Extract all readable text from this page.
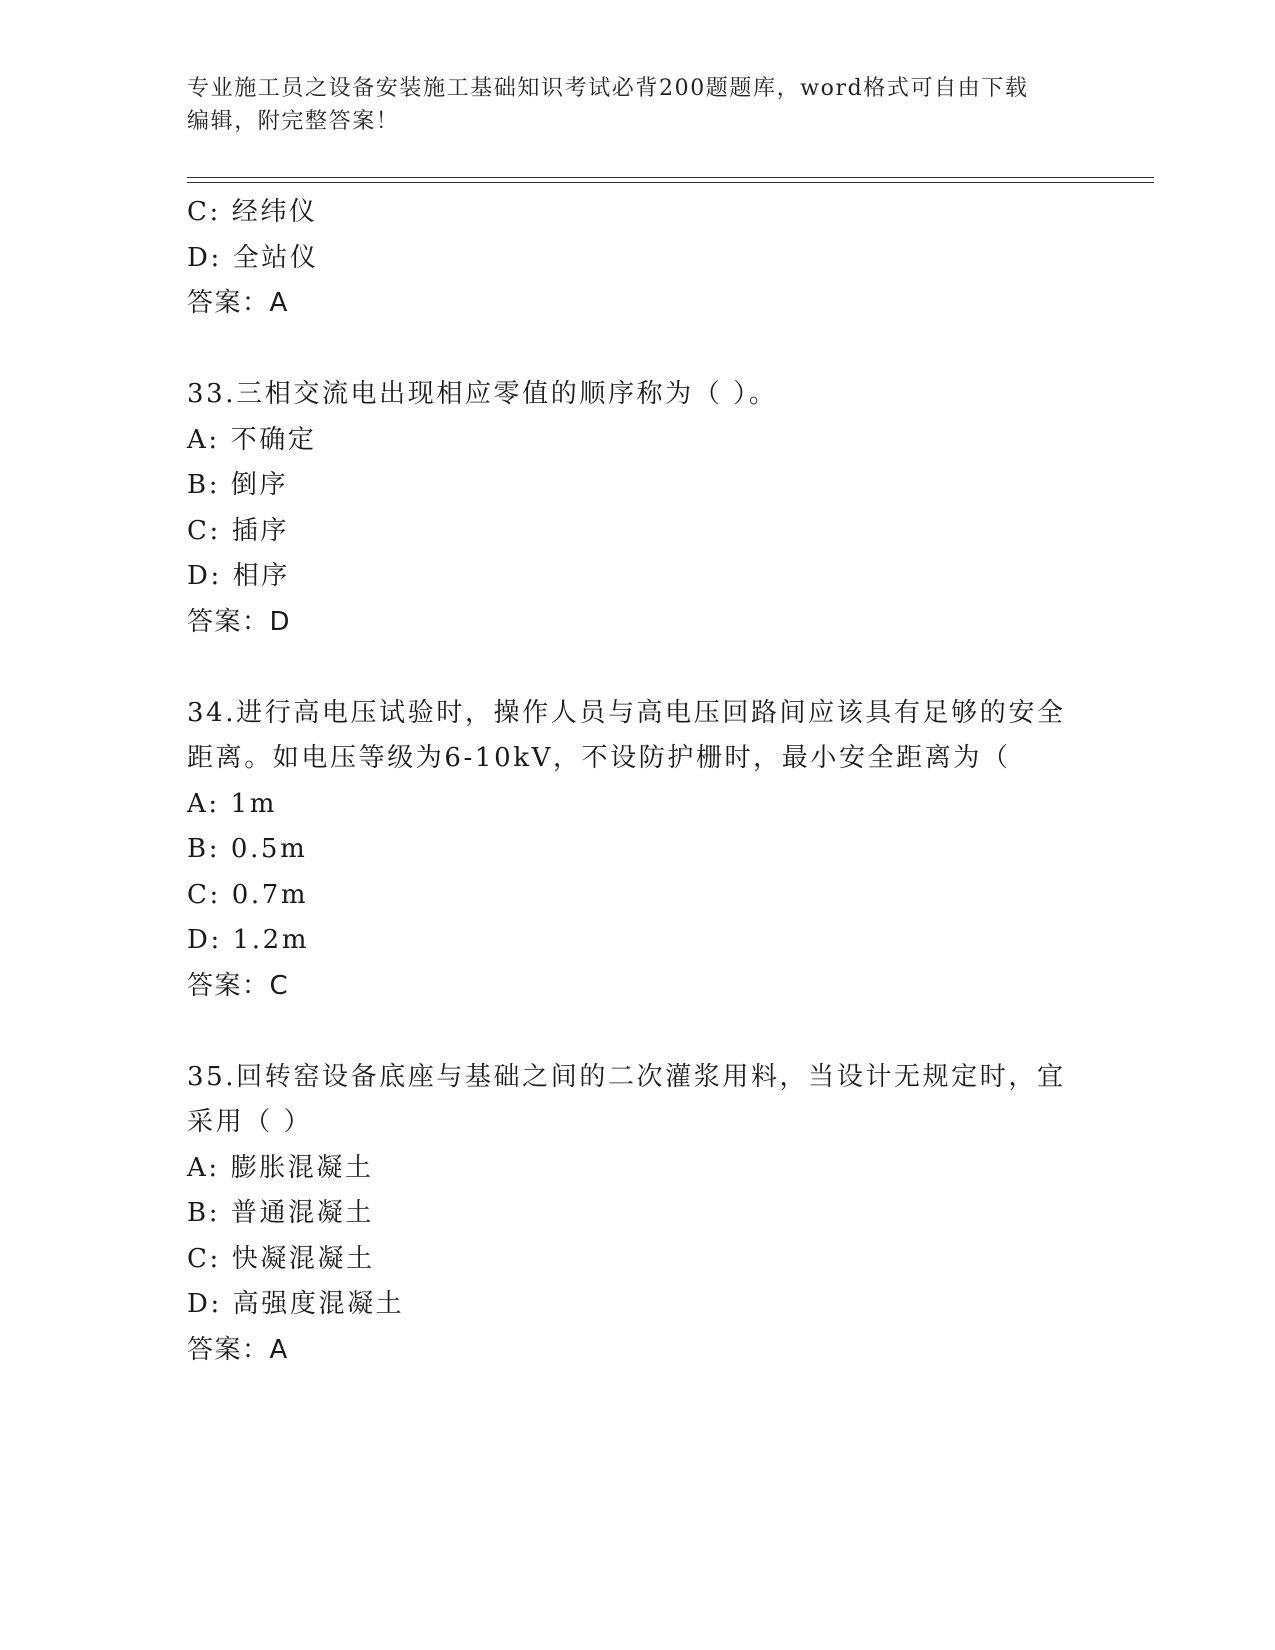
专业施工员之设备安装施工基础知识考试必背200题题库，word格式可自由下载
编辑，附完整答案！
C: 经纬仪
D: 全站仪
答案：A
33.三相交流电出现相应零值的顺序称为（ ）。
A: 不确定
B: 倒序
C: 插序
D: 相序
答案：D
34.进行高电压试验时，操作人员与高电压回路间应该具有足够的安全
距离。如电压等级为6-10kV，不设防护栅时，最小安全距离为（
A: 1m
B: 0.5m
C: 0.7m
D: 1.2m
答案：C
35.回转窑设备底座与基础之间的二次灌浆用料，当设计无规定时，宜
采用（ ）
A: 膨胀混凝土
B: 普通混凝土
C: 快凝混凝土
D: 高强度混凝土
答案：A
